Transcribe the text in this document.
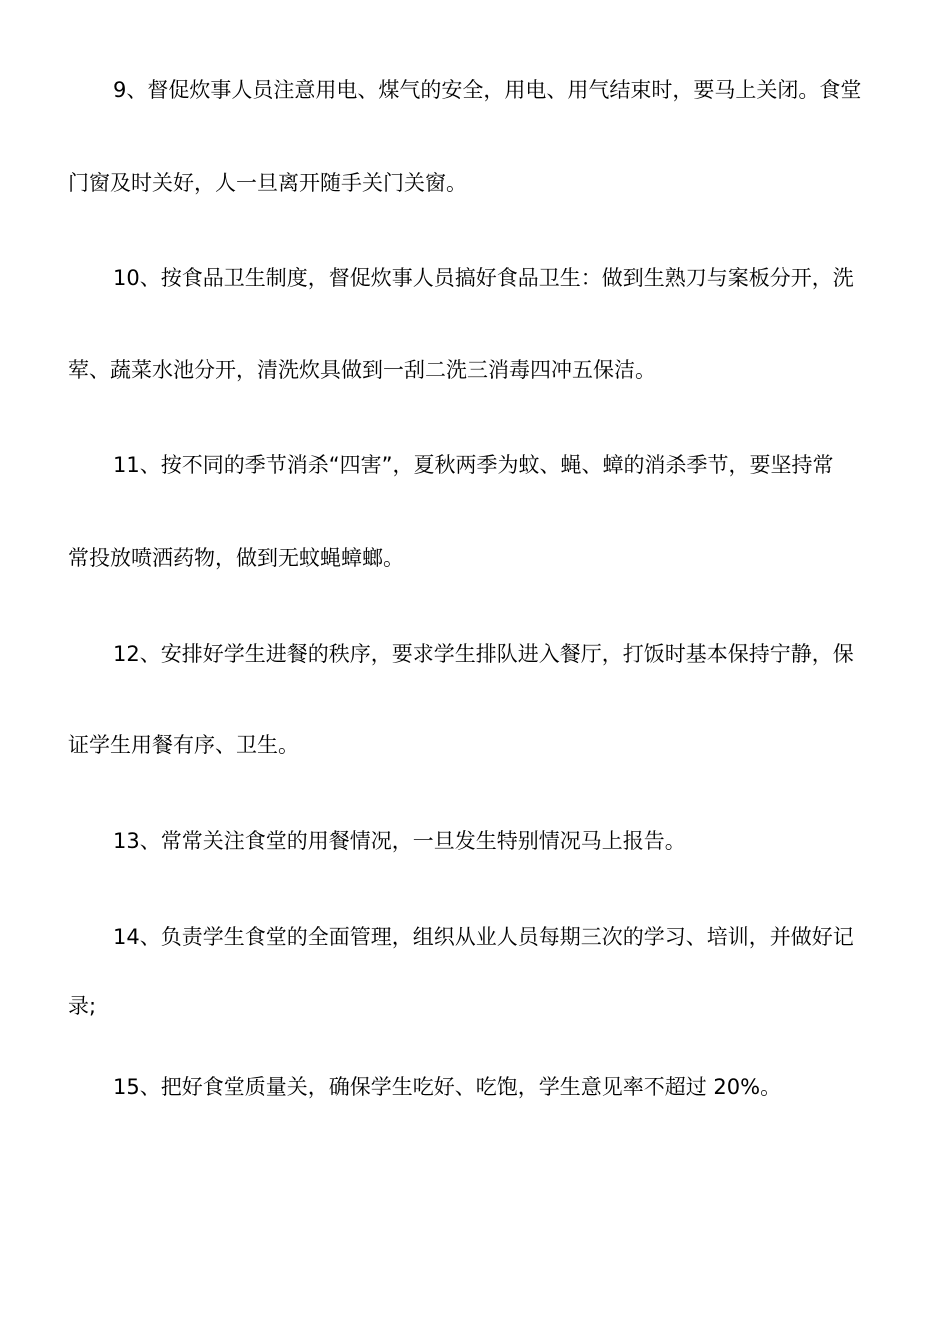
9、督促炊事人员注意用电、煤气的安全，用电、用气结束时，要马上关闭。食堂
门窗及时关好，人一旦离开随手关门关窗。
10、按食品卫生制度，督促炊事人员搞好食品卫生：做到生熟刀与案板分开，洗
荤、蔬菜水池分开，清洗炊具做到一刮二洗三消毒四冲五保洁。
11、按不同的季节消杀“四害”，夏秋两季为蚊、蝇、蟑的消杀季节，要坚持常
常投放喷洒药物，做到无蚊蝇蟑螂。
12、安排好学生进餐的秩序，要求学生排队进入餐厅，打饭时基本保持宁静，保
证学生用餐有序、卫生。
13、常常关注食堂的用餐情况，一旦发生特别情况马上报告。
14、负责学生食堂的全面管理，组织从业人员每期三次的学习、培训，并做好记
录;
15、把好食堂质量关，确保学生吃好、吃饱，学生意见率不超过 20%。
